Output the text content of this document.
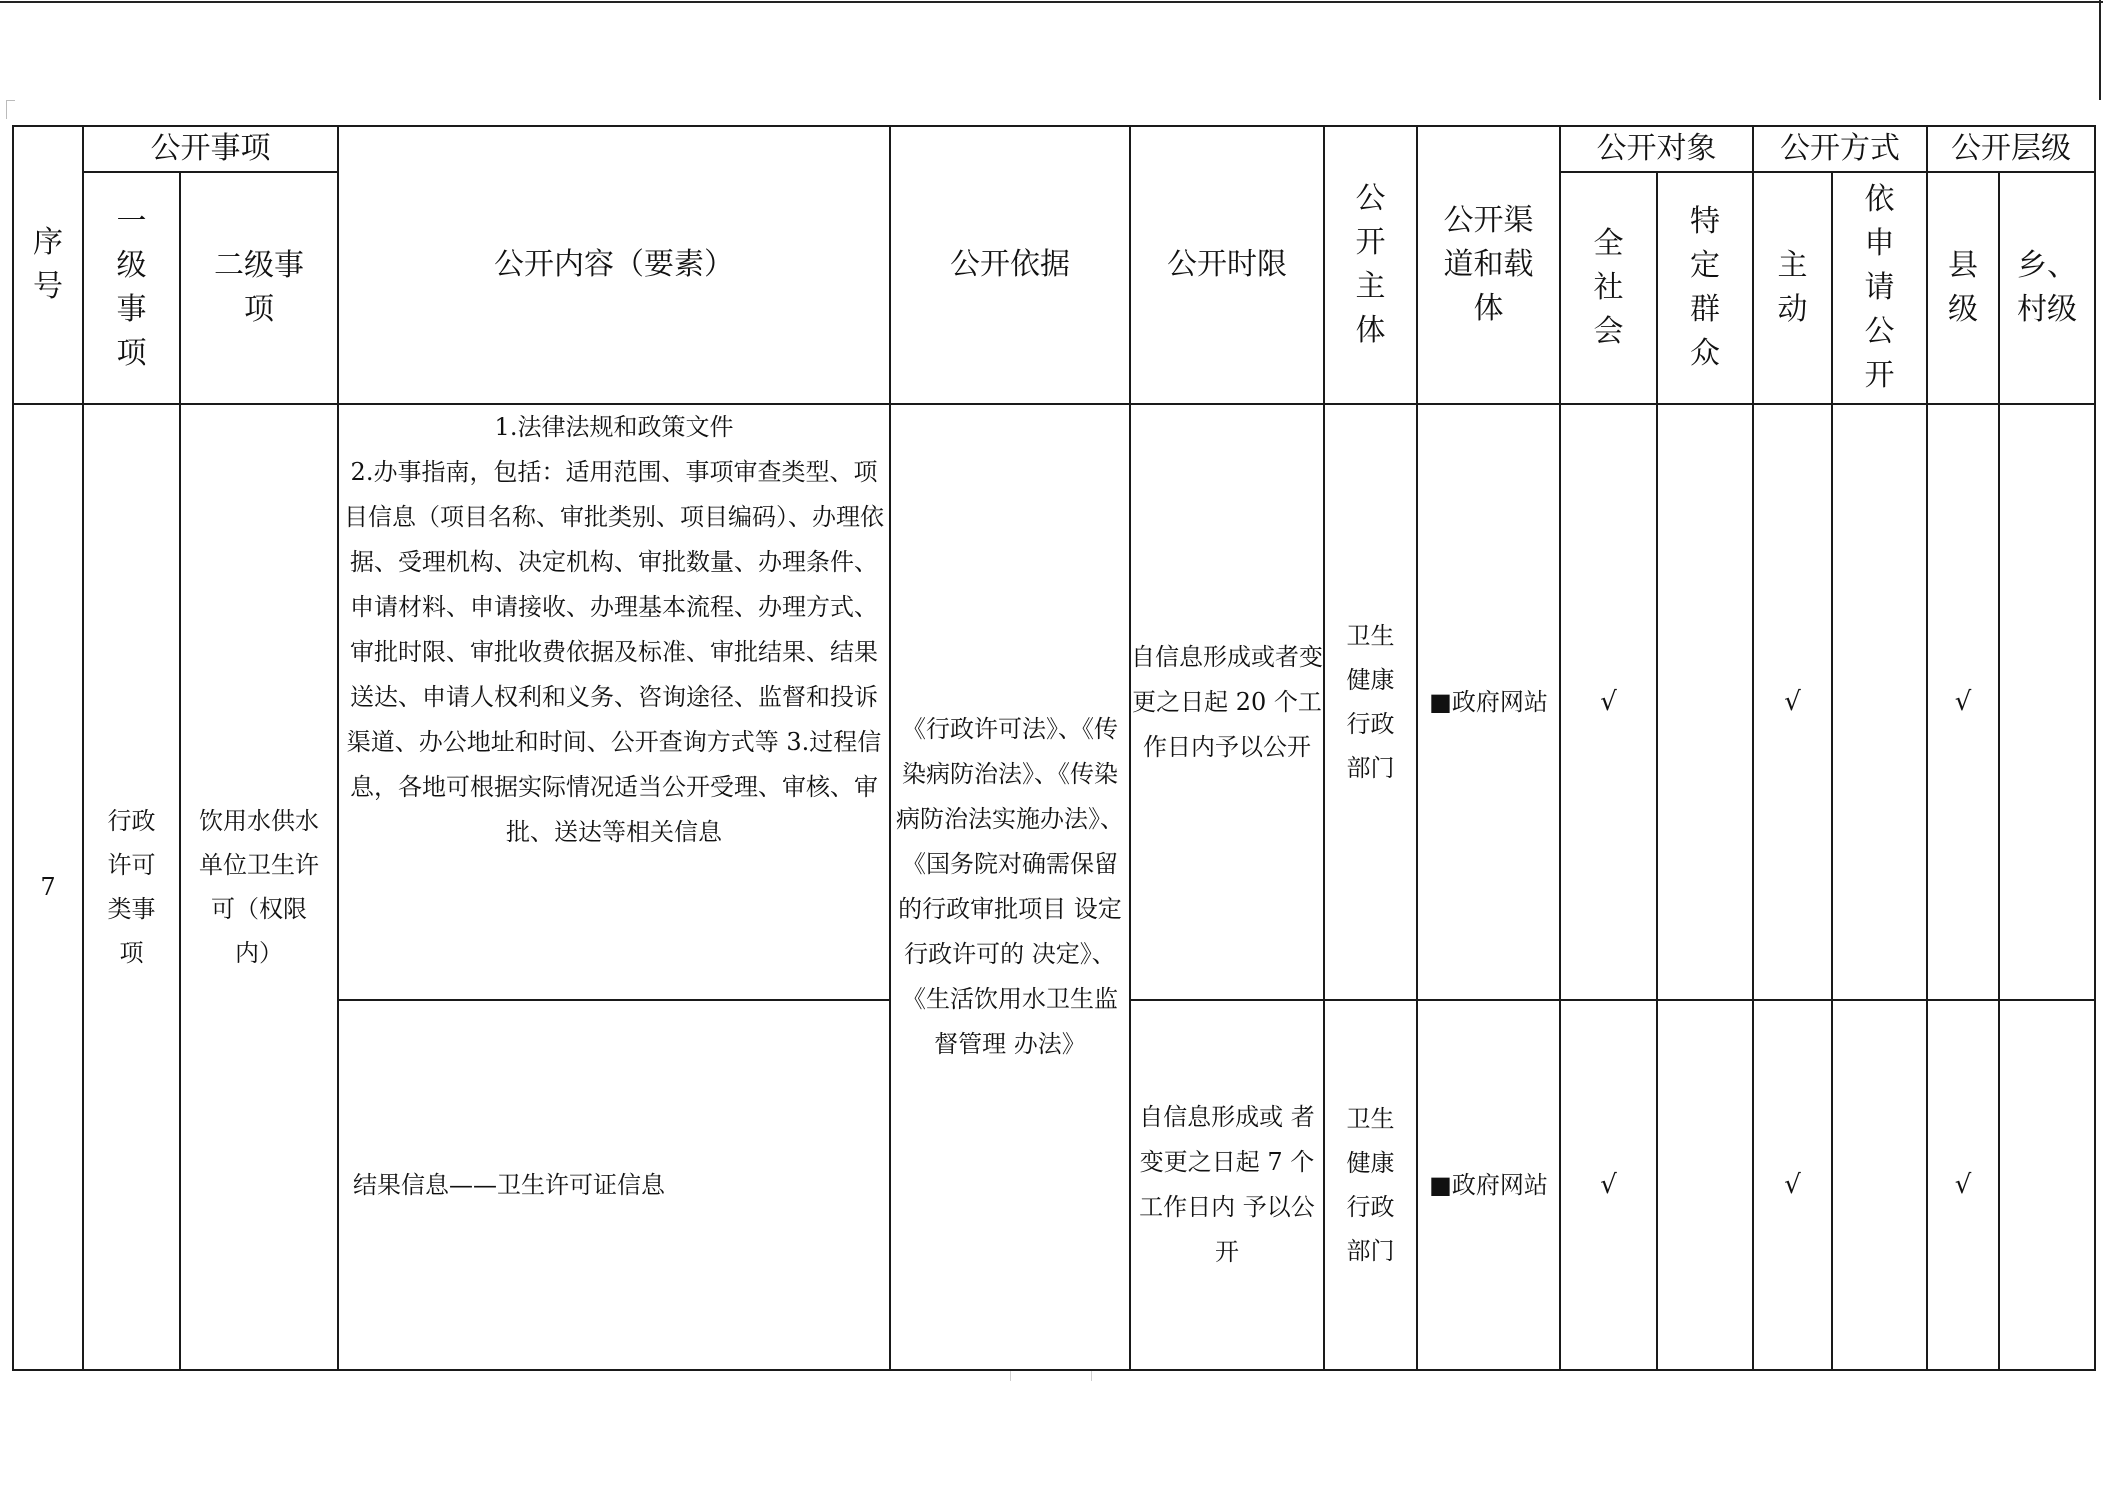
序号	公开事项		公开内容（要素）	公开依据	公开时限	公开主体	公开渠道和载体	公开对象		公开方式		公开层级	

	一级事项	二级事项						全社会	特定群众	主动	依申请公开	县级	乡、村级

7	行政许可类事项	饮用水供水单位卫生许可（权限内）	1.法律法规和政策文件
2.办事指南，包括：适用范围、事项审查类型、项目信息（项目名称、审批类别、项目编码）、办理依据、受理机构、决定机构、审批数量、办理条件、申请材料、申请接收、办理基本流程、办理方式、审批时限、审批收费依据及标准、审批结果、结果送达、申请人权利和义务、咨询途径、监督和投诉渠道、办公地址和时间、公开查询方式等 3.过程信息，各地可根据实际情况适当公开受理、审核、审批、送达等相关信息	《行政许可法》、《传染病防治法》、《传染病防治法实施办法》、《国务院对确需保留 的行政审批项目 设定行政许可的 决定》、《生活饮用水卫生监督管理 办法》	自信息形成或者变更之日起 20 个工作日内予以公开	卫生健康行政部门	■政府网站	√		√		√	
			结果信息——卫生许可证信息		自信息形成或 者变更之日起 7 个工作日内 予以公开	卫生健康行政部门	■政府网站	√		√		√	
